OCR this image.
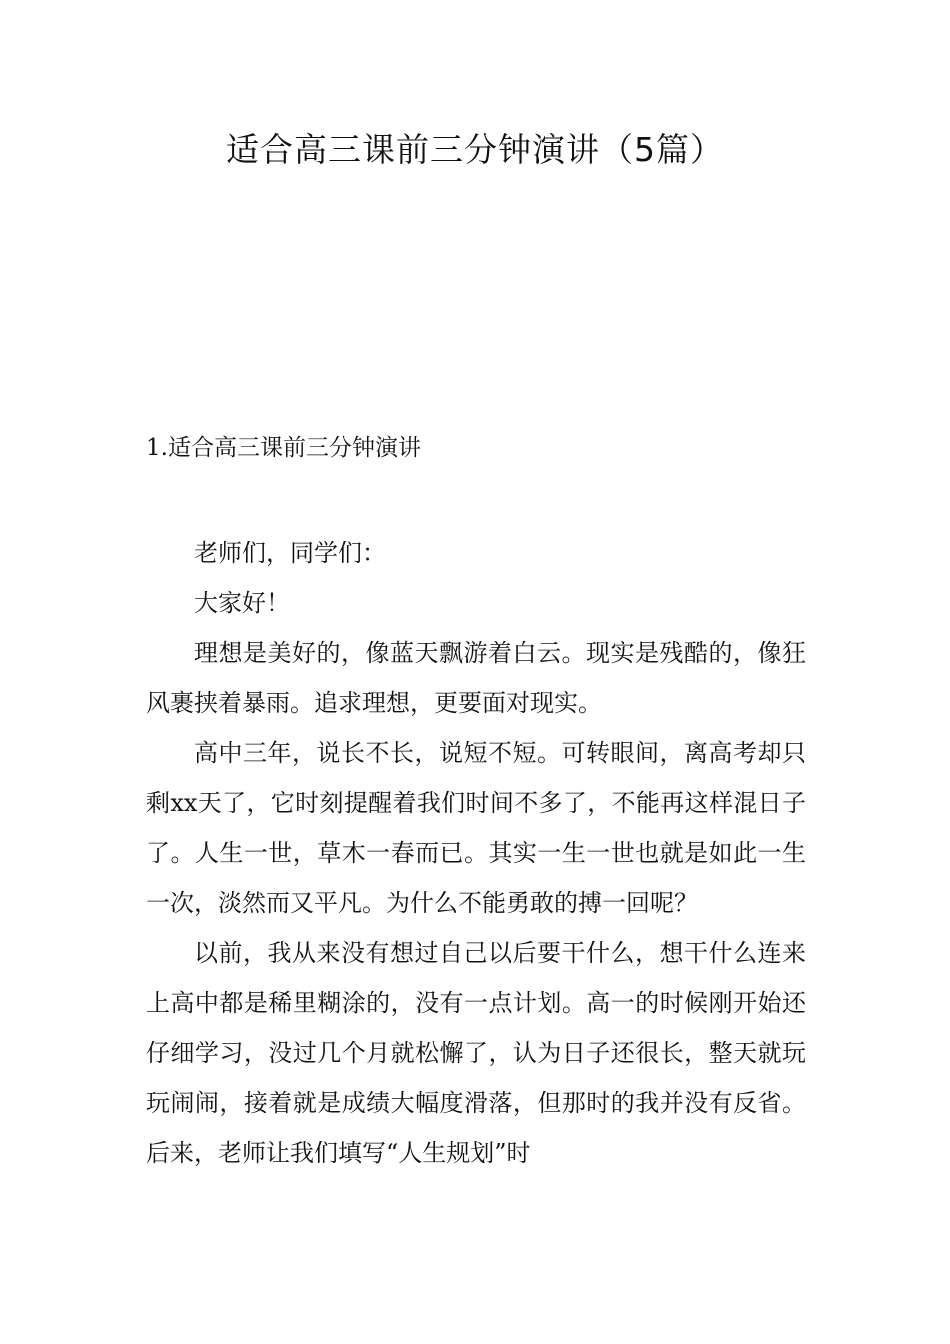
适合高三课前三分钟演讲（5篇）
1.适合高三课前三分钟演讲

老师们，同学们：

大家好！

理想是美好的，像蓝天飘游着白云。现实是残酷的，像狂风裹挟着暴雨。追求理想，更要面对现实。

高中三年，说长不长，说短不短。可转眼间，离高考却只剩xx天了，它时刻提醒着我们时间不多了，不能再这样混日子了。人生一世，草木一春而已。其实一生一世也就是如此一生一次，淡然而又平凡。为什么不能勇敢的搏一回呢？

以前，我从来没有想过自己以后要干什么，想干什么连来上高中都是稀里糊涂的，没有一点计划。高一的时候刚开始还仔细学习，没过几个月就松懈了，认为日子还很长，整天就玩玩闹闹，接着就是成绩大幅度滑落，但那时的我并没有反省。后来，老师让我们填写“人生规划”时
